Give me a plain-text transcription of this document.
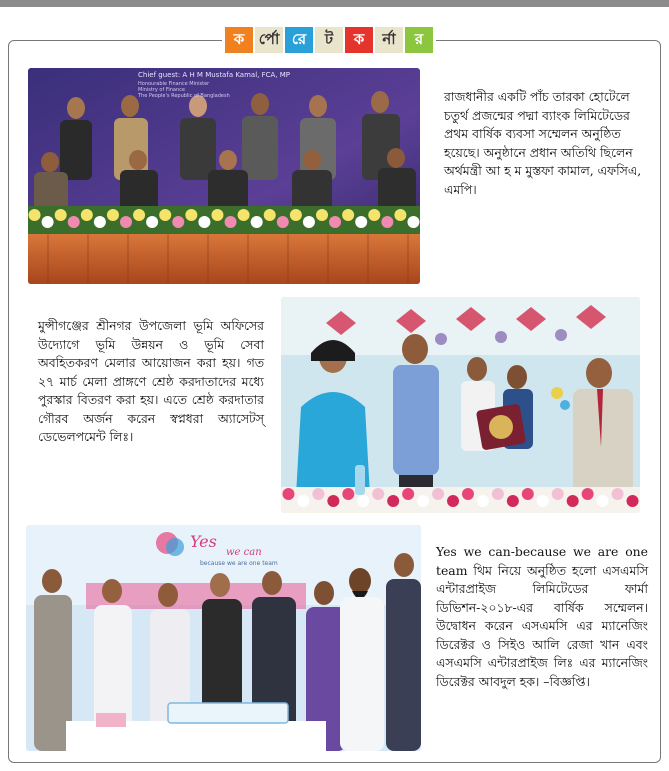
ক র্পো রে	ট	ক	র্না	র
Chief guest: A H M Mustafa Kamal, FCA, MP
Honourable Finance Minister
Ministry of Finance
The People's Republic of Bangladesh	রাজধানীর একটি পাঁচ তারকা হোটেলে চতুর্থ প্রজন্মের পদ্মা ব্যাংক লিমিটেডের প্রথম বার্ষিক ব্যবসা সম্মেলন অনুষ্ঠিত হয়েছে। অনুষ্ঠানে প্রধান অতিথি ছিলেন অর্থমন্ত্রী আ হ ম মুস্তফা কামাল, এফসিএ, এমপি।

মুন্সীগঞ্জের শ্রীনগর উপজেলা ভূমি অফিসের উদ্যোগে ভূমি উন্নয়ন ও ভূমি সেবা অবহিতকরণ মেলার আয়োজন করা হয়। গত ২৭ মার্চ মেলা প্রাঙ্গণে শ্রেষ্ঠ করদাতাদের মধ্যে পুরস্কার বিতরণ করা হয়। এতে শ্রেষ্ঠ করদাতার গৌরব অর্জন করেন স্বপ্নধরা অ্যাসেটস্ ডেভেলপমেন্ট লিঃ।

Yes
we can
because we are one team

Yes we can-because we are one team থিম নিয়ে অনুষ্ঠিত হলো এসএমসি এন্টারপ্রাইজ লিমিটেডের ফার্মা ডিভিশন-২০১৮-এর বার্ষিক সম্মেলন। উদ্বোধন করেন এসএমসি এর ম্যানেজিং ডিরেক্টর ও সিইও আলি রেজা খান এবং এসএমসি এন্টারপ্রাইজ লিঃ এর ম্যানেজিং ডিরেক্টর আবদুল হক। –বিজ্ঞপ্তি।
